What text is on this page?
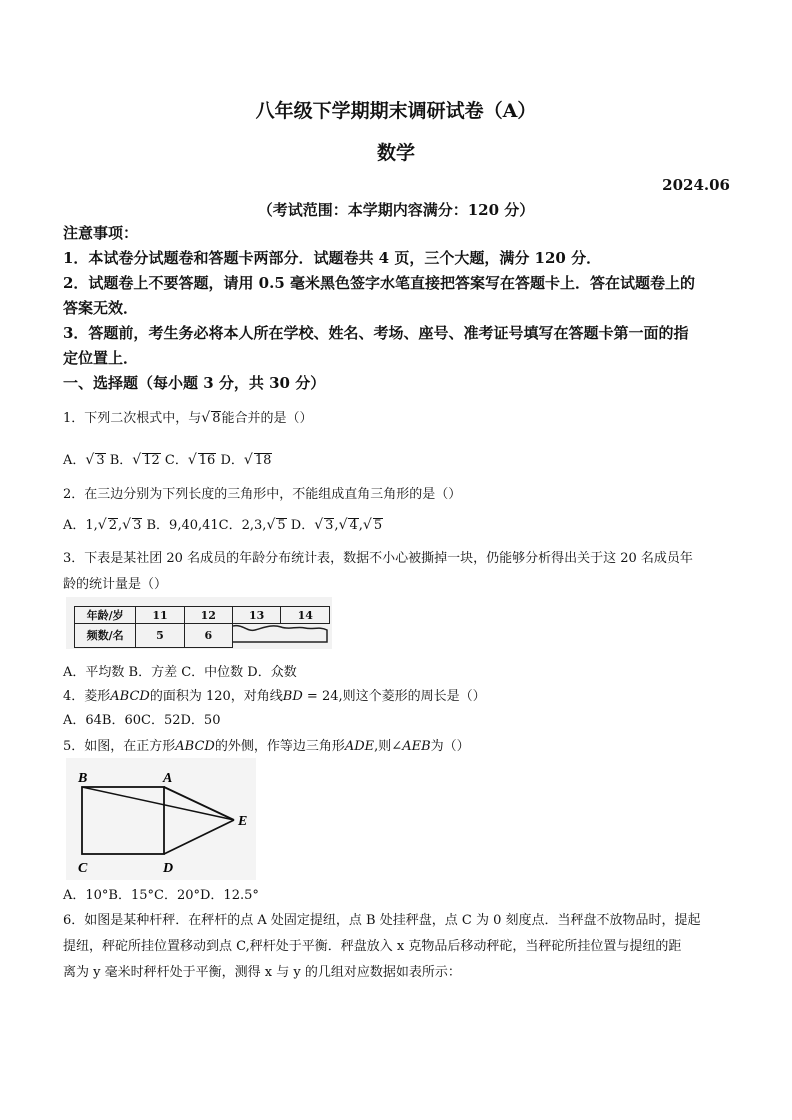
八年级下学期期末调研试卷（A）
数学
2024.06
（考试范围：本学期内容满分：120 分）
注意事项：
1．本试卷分试题卷和答题卡两部分．试题卷共 4 页，三个大题，满分 120 分．
2．试题卷上不要答题，请用 0.5 毫米黑色签字水笔直接把答案写在答题卡上．答在试题卷上的
答案无效．
3．答题前，考生务必将本人所在学校、姓名、考场、座号、准考证号填写在答题卡第一面的指
定位置上．
一、选择题（每小题 3 分，共 30 分）
1．下列二次根式中，与√ 8能合并的是（）
A．√ 3 B．√ 12 C．√ 16 D．√ 18
2．在三边分别为下列长度的三角形中，不能组成直角三角形的是（）
A．1,√ 2,√ 3 B．9,40,41C．2,3,√ 5 D．√ 3,√ 4,√ 5
3．下表是某社团 20 名成员的年龄分布统计表，数据不小心被撕掉一块，仍能够分析得出关于这 20 名成员年
龄的统计量是（）
年龄/岁	11	12	13	14
频数/名	5	6	
A．平均数 B．方差 C．中位数 D．众数
4．菱形ABCD的面积为 120，对角线BD = 24,则这个菱形的周长是（）
A．64B．60C．52D．50
5．如图，在正方形ABCD的外侧，作等边三角形ADE,则∠AEB为（）
B	A
E
C	D
A．10°B．15°C．20°D．12.5°
6．如图是某种杆秤．在秤杆的点 A 处固定提纽，点 B 处挂秤盘，点 C 为 0 刻度点．当秤盘不放物品时，提起
提纽，秤砣所挂位置移动到点 C,秤杆处于平衡．秤盘放入 x 克物品后移动秤砣，当秤砣所挂位置与提纽的距
离为 y 毫米时秤杆处于平衡，测得 x 与 y 的几组对应数据如表所示：
